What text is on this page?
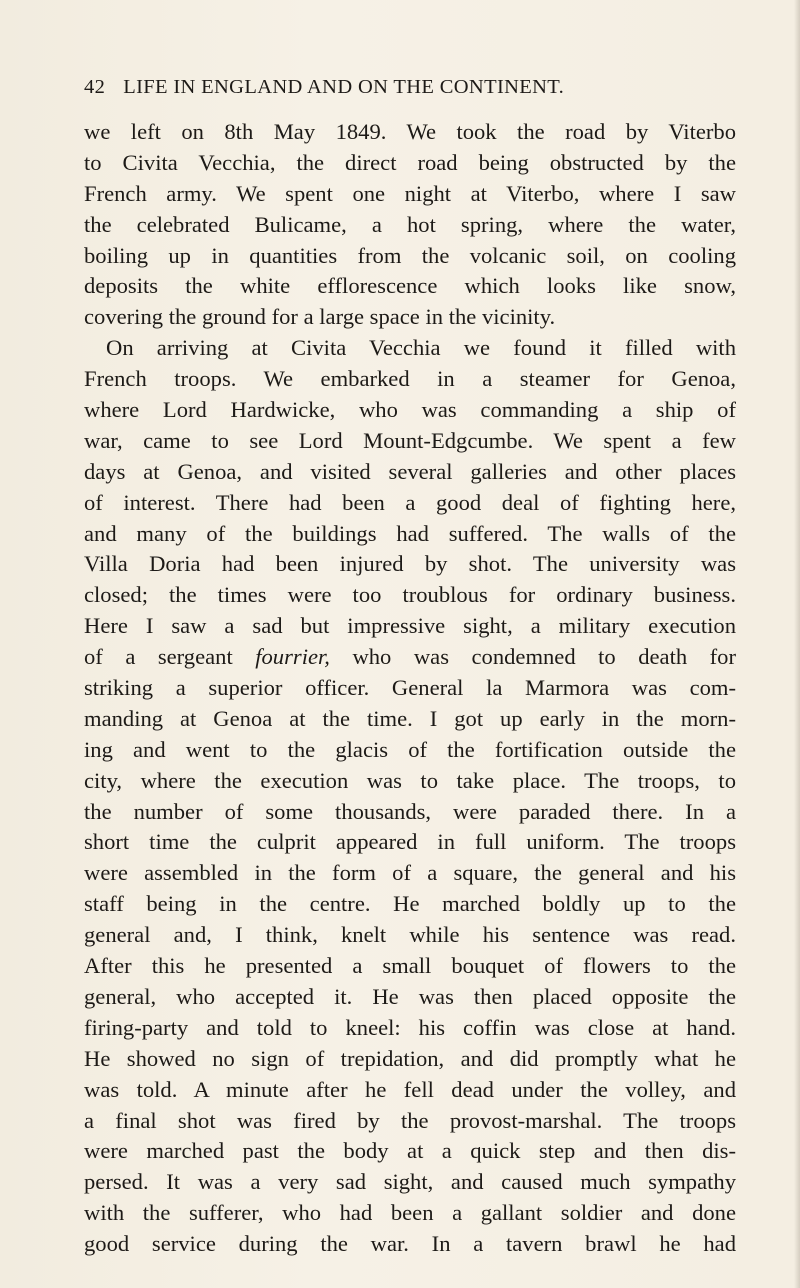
42 LIFE IN ENGLAND AND ON THE CONTINENT.
we left on 8th May 1849. We took the road by Viterbo
to Civita Vecchia, the direct road being obstructed by the
French army. We spent one night at Viterbo, where I saw
the celebrated Bulicame, a hot spring, where the water,
boiling up in quantities from the volcanic soil, on cooling
deposits the white efflorescence which looks like snow,
covering the ground for a large space in the vicinity.
On arriving at Civita Vecchia we found it filled with
French troops. We embarked in a steamer for Genoa,
where Lord Hardwicke, who was commanding a ship of
war, came to see Lord Mount-Edgcumbe. We spent a few
days at Genoa, and visited several galleries and other places
of interest. There had been a good deal of fighting here,
and many of the buildings had suffered. The walls of the
Villa Doria had been injured by shot. The university was
closed; the times were too troublous for ordinary business.
Here I saw a sad but impressive sight, a military execution
of a sergeant fourrier, who was condemned to death for
striking a superior officer. General la Marmora was com-
manding at Genoa at the time. I got up early in the morn-
ing and went to the glacis of the fortification outside the
city, where the execution was to take place. The troops, to
the number of some thousands, were paraded there. In a
short time the culprit appeared in full uniform. The troops
were assembled in the form of a square, the general and his
staff being in the centre. He marched boldly up to the
general and, I think, knelt while his sentence was read.
After this he presented a small bouquet of flowers to the
general, who accepted it. He was then placed opposite the
firing-party and told to kneel: his coffin was close at hand.
He showed no sign of trepidation, and did promptly what he
was told. A minute after he fell dead under the volley, and
a final shot was fired by the provost-marshal. The troops
were marched past the body at a quick step and then dis-
persed. It was a very sad sight, and caused much sympathy
with the sufferer, who had been a gallant soldier and done
good service during the war. In a tavern brawl he had
